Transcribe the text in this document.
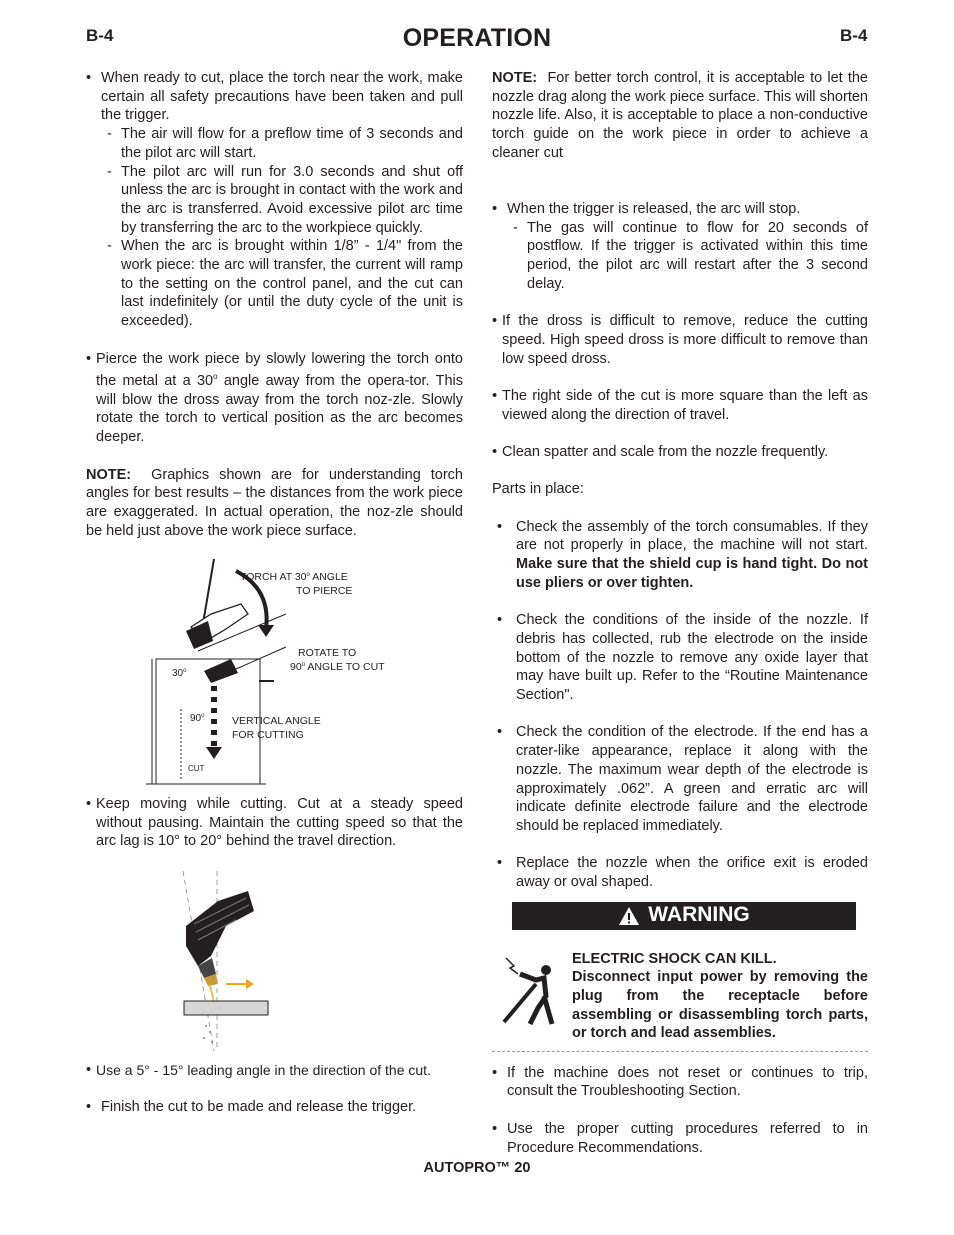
B-4	OPERATION	B-4
• When ready to cut, place the torch near the work, make certain all safety precautions have been taken and pull the trigger.
- The air will flow for a preflow time of 3 seconds and the pilot arc will start.
- The pilot arc will run for 3.0 seconds and shut off unless the arc is brought in contact with the work and the arc is transferred. Avoid excessive pilot arc time by transferring the arc to the workpiece quickly.
- When the arc is brought within 1/8” - 1/4" from the work piece: the arc will transfer, the current will ramp to the setting on the control panel, and the cut can last indefinitely (or until the duty cycle of the unit is exceeded).
• Pierce the work piece by slowly lowering the torch onto the metal at a 30$^o$ angle away from the opera-tor. This will blow the dross away from the torch noz-zle. Slowly rotate the torch to vertical position as the arc becomes deeper.

NOTE: Graphics shown are for understanding torch angles for best results – the distances from the work piece are exaggerated. In actual operation, the noz-zle should be held just above the work piece surface.

TORCH AT 30$^o$ ANGLE
TO PIERCE
ROTATE TO
90$^o$ ANGLE TO CUT
30$^o$
90$^o$	VERTICAL ANGLE
FOR CUTTING
CUT
• Keep moving while cutting. Cut at a steady speed without pausing. Maintain the cutting speed so that the arc lag is 10° to 20° behind the travel direction.
• Use a 5° - 15° leading angle in the direction of the cut.
• Finish the cut to be made and release the trigger.

NOTE: For better torch control, it is acceptable to let the nozzle drag along the work piece surface. This will shorten nozzle life. Also, it is acceptable to place a non-conductive torch guide on the work piece in order to achieve a cleaner cut

• When the trigger is released, the arc will stop.
- The gas will continue to flow for 20 seconds of postflow. If the trigger is activated within this time period, the pilot arc will restart after the 3 second delay.
• If the dross is difficult to remove, reduce the cutting speed. High speed dross is more difficult to remove than low speed dross.
• The right side of the cut is more square than the left as viewed along the direction of travel.
• Clean spatter and scale from the nozzle frequently.

Parts in place:

• Check the assembly of the torch consumables. If they are not properly in place, the machine will not start. Make sure that the shield cup is hand tight. Do not use pliers or over tighten.
• Check the conditions of the inside of the nozzle. If debris has collected, rub the electrode on the inside bottom of the nozzle to remove any oxide layer that may have built up. Refer to the “Routine Maintenance Section".
• Check the condition of the electrode. If the end has a crater-like appearance, replace it along with the nozzle. The maximum wear depth of the electrode is approximately .062”. A green and erratic arc will indicate definite electrode failure and the electrode should be replaced immediately.
• Replace the nozzle when the orifice exit is eroded away or oval shaped.
WARNING
ELECTRIC SHOCK CAN KILL.
Disconnect input power by removing the plug from the receptacle before assembling or disassembling torch parts, or torch and lead assemblies.
• If the machine does not reset or continues to trip, consult the Troubleshooting Section.
• Use the proper cutting procedures referred to in Procedure Recommendations.
AUTOPRO™ 20
